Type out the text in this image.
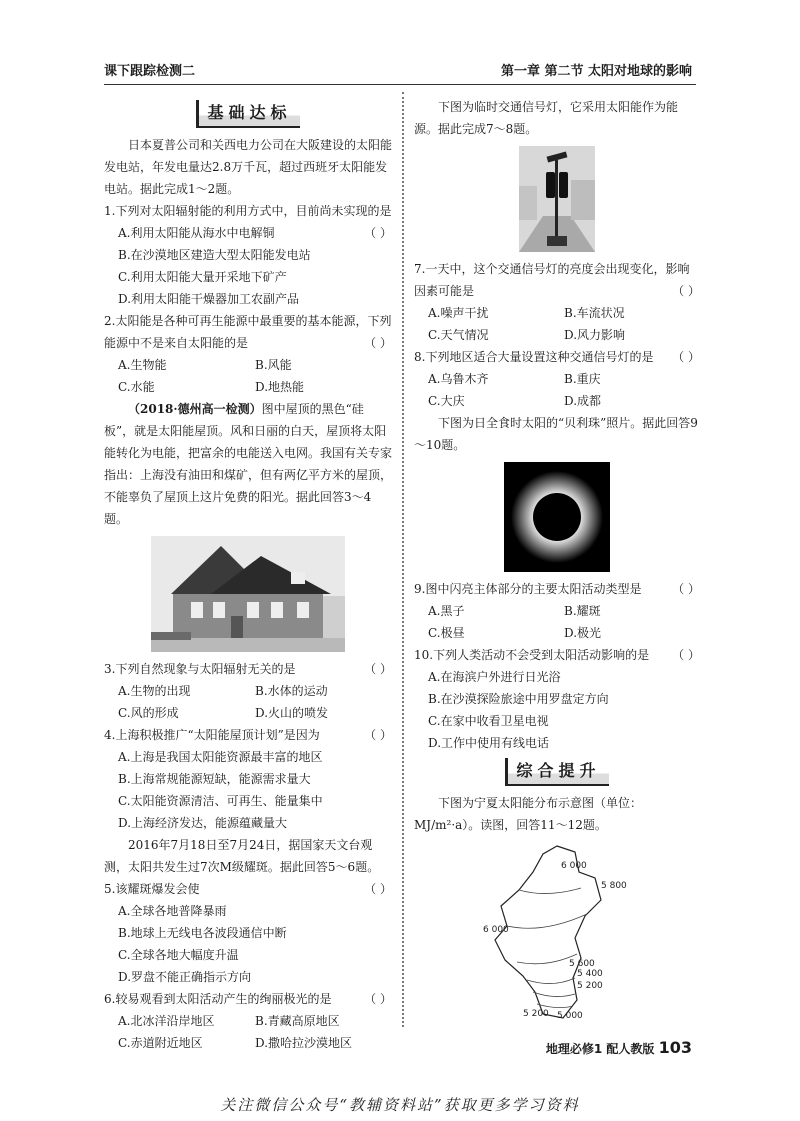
课下跟踪检测二	第一章 第二节 太阳对地球的影响
基础达标

日本夏普公司和关西电力公司在大阪建设的太阳能发电站，年发电量达2.8万千瓦，超过西班牙太阳能发电站。据此完成1～2题。

1.下列对太阳辐射能的利用方式中，目前尚未实现的是
（ ）

A.利用太阳能从海水中电解铜

B.在沙漠地区建造大型太阳能发电站

C.利用太阳能大量开采地下矿产

D.利用太阳能干燥器加工农副产品

2.太阳能是各种可再生能源中最重要的基本能源，下列能源中不是来自太阳能的是	（ ）

A.生物能	B.风能
C.水能	D.地热能

（2018·德州高一检测）图中屋顶的黑色“硅板”，就是太阳能屋顶。风和日丽的白天，屋顶将太阳能转化为电能，把富余的电能送入电网。我国有关专家指出：上海没有油田和煤矿，但有两亿平方米的屋顶，不能辜负了屋顶上这片免费的阳光。据此回答3～4题。

3.下列自然现象与太阳辐射无关的是	（ ）

A.生物的出现	B.水体的运动
C.风的形成	D.火山的喷发

4.上海积极推广“太阳能屋顶计划”是因为	（ ）

A.上海是我国太阳能资源最丰富的地区

B.上海常规能源短缺，能源需求量大

C.太阳能资源清洁、可再生、能量集中

D.上海经济发达，能源蕴藏量大

2016年7月18日至7月24日，据国家天文台观测，太阳共发生过7次M级耀斑。据此回答5～6题。

5.该耀斑爆发会使	（ ）

A.全球各地普降暴雨

B.地球上无线电各波段通信中断

C.全球各地大幅度升温

D.罗盘不能正确指示方向

6.较易观看到太阳活动产生的绚丽极光的是	（ ）

A.北冰洋沿岸地区	B.青藏高原地区
C.赤道附近地区	D.撒哈拉沙漠地区

下图为临时交通信号灯，它采用太阳能作为能源。据此完成7～8题。

7.一天中，这个交通信号灯的亮度会出现变化，影响因素可能是	（ ）

A.噪声干扰	B.车流状况
C.天气情况	D.风力影响

8.下列地区适合大量设置这种交通信号灯的是 （ ）

A.乌鲁木齐	B.重庆
C.大庆	D.成都

下图为日全食时太阳的“贝利珠”照片。据此回答9～10题。

9.图中闪亮主体部分的主要太阳活动类型是	（ ）

A.黑子	B.耀斑
C.极昼	D.极光

10.下列人类活动不会受到太阳活动影响的是 （ ）

A.在海滨户外进行日光浴

B.在沙漠探险旅途中用罗盘定方向

C.在家中收看卫星电视

D.工作中使用有线电话

综合提升

下图为宁夏太阳能分布示意图（单位：MJ/m²·a）。读图，回答11～12题。

6 000
5 800
6 000
5 600
5 400
5 200
5 200 5 000
地理必修1 配人教版 103
关注微信公众号“教辅资料站”获取更多学习资料
